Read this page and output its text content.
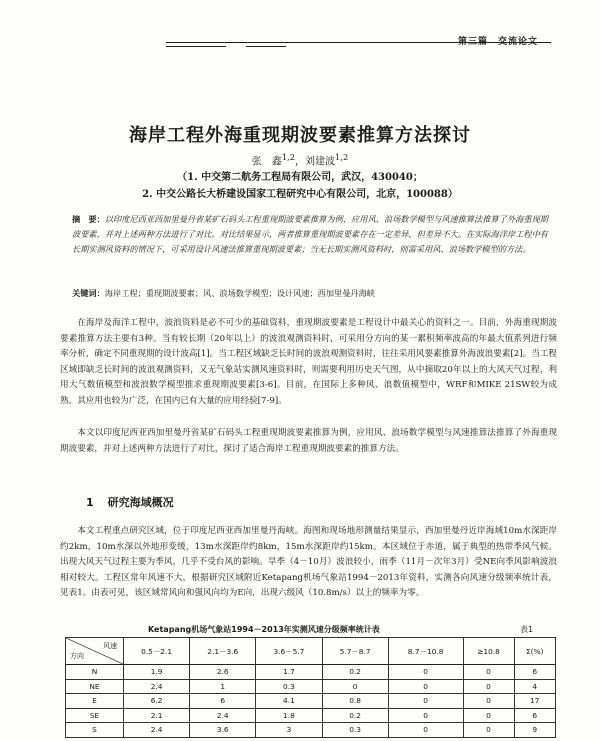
第三篇　交流论文
海岸工程外海重现期波要素推算方法探讨
张　鑫$^{1,2}$，刘建波$^{1,2}$
（1. 中交第二航务工程局有限公司，武汉，430040；
2. 中交公路长大桥建设国家工程研究中心有限公司，北京，100088）
摘　要：以印度尼西亚西加里曼丹省某矿石码头工程重现期波要素推算为例，应用风、浪场数学模型与风速推算法推算了外海重现期波要素，并对上述两种方法进行了对比。对比结果显示，两者推算重现期波要素存在一定差异，但差异不大。在实际海洋岸工程中有长期实测风资料的情况下，可采用设计风速法推算重现期波要素；当无长期实测风资料时，则需采用风、浪场数学模型的方法。
关键词：海岸工程；重现期波要素；风、浪场数学模型；设计风速；西加里曼丹海峡

在海岸及海洋工程中，波浪资料是必不可少的基础资料，重现期波要素是工程设计中最关心的资料之一。目前，外海重现期波要素推算方法主要有3种。当有较长期（20年以上）的波浪观测资料时，可采用分方向的某一累积频率波高的年最大值系列进行频率分析，确定不同重现期的设计波高[1]。当工程区域缺乏长时间的波浪观测资料时，往往采用风要素推算外海波浪要素[2]。当工程区域即缺乏长时间的波浪观测资料，又无气象站实测风速资料时，则需要利用历史天气图，从中摘取20年以上的大风天气过程，利用大气数值模型和波浪数学模型推求重现期波要素[3-6]。目前，在国际上多种风、浪数值模型中，WRF和MIKE 21SW较为成熟，其应用也较为广泛，在国内已有大量的应用经验[7-9]。

本文以印度尼西亚西加里曼丹省某矿石码头工程重现期波要素推算为例，应用风、浪场数学模型与风速推算法推算了外海重现期波要素，并对上述两种方法进行了对比，探讨了适合海岸工程重现期波要素的推算方法。

1 研究海域概况

本文工程重点研究区域，位于印度尼西亚西加里曼丹海峡。海图和现场地形测量结果显示，西加里曼丹近岸海域10m水深距岸约2km，10m水深以外地形变缓，13m水深距岸约8km，15m水深距岸约15km。本区域位于赤道，属于典型的热带季风气候。出现大风天气过程主要为季风，几乎不受台风的影响。旱季（4－10月）波浪较小，雨季（11月－次年3月）受NE向季风影响波浪相对较大。工程区常年风速不大，根据研究区域附近Ketapang机场气象站1994－2013年资料，实测各向风速分级频率统计表，见表1。由表可见，该区域常风向和强风向均为E向，出现六级风（10.8m/s）以上的频率为零。

Ketapang机场气象站1994－2013年实测风速分级频率统计表	表1
风速
方向	0.5－2.1	2.1－3.6	3.6－5.7	5.7－8.7	8.7－10.8	≥10.8	Σ(%)
N	1.9	2.6	1.7	0.2	0	0	6
NE	2.4	1	0.3	0	0	0	4
E	6.2	6	4.1	0.8	0	0	17
SE	2.1	2.4	1.8	0.2	0	0	6
S	2.4	3.6	3	0.3	0	0	9
